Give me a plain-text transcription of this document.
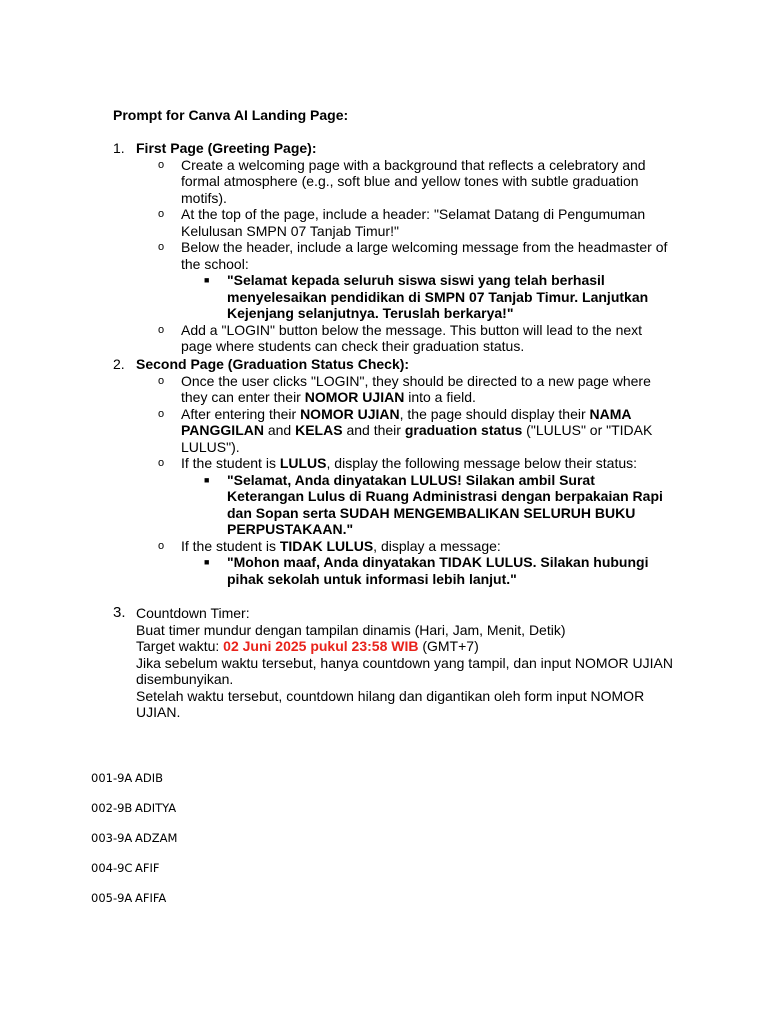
Prompt for Canva AI Landing Page:
1. First Page (Greeting Page):
o Create a welcoming page with a background that reflects a celebratory and formal atmosphere (e.g., soft blue and yellow tones with subtle graduation motifs).
o At the top of the page, include a header: "Selamat Datang di Pengumuman Kelulusan SMPN 07 Tanjab Timur!"
o Below the header, include a large welcoming message from the headmaster of the school:
■ "Selamat kepada seluruh siswa siswi yang telah berhasil menyelesaikan pendidikan di SMPN 07 Tanjab Timur. Lanjutkan Kejenjang selanjutnya. Teruslah berkarya!"
o Add a "LOGIN" button below the message. This button will lead to the next page where students can check their graduation status.
2. Second Page (Graduation Status Check):
o Once the user clicks "LOGIN", they should be directed to a new page where they can enter their NOMOR UJIAN into a field.
o After entering their NOMOR UJIAN, the page should display their NAMA PANGGILAN and KELAS and their graduation status ("LULUS" or "TIDAK LULUS").
o If the student is LULUS, display the following message below their status:
■ "Selamat, Anda dinyatakan LULUS! Silakan ambil Surat Keterangan Lulus di Ruang Administrasi dengan berpakaian Rapi dan Sopan serta SUDAH MENGEMBALIKAN SELURUH BUKU PERPUSTAKAAN."
o If the student is TIDAK LULUS, display a message:
■ "Mohon maaf, Anda dinyatakan TIDAK LULUS. Silakan hubungi pihak sekolah untuk informasi lebih lanjut."
3. Countdown Timer:
Buat timer mundur dengan tampilan dinamis (Hari, Jam, Menit, Detik)
Target waktu: 02 Juni 2025 pukul 23:58 WIB (GMT+7)
Jika sebelum waktu tersebut, hanya countdown yang tampil, dan input NOMOR UJIAN disembunyikan.
Setelah waktu tersebut, countdown hilang dan digantikan oleh form input NOMOR UJIAN.
001-9A ADIB
002-9B ADITYA
003-9A ADZAM
004-9C AFIF
005-9A AFIFA
